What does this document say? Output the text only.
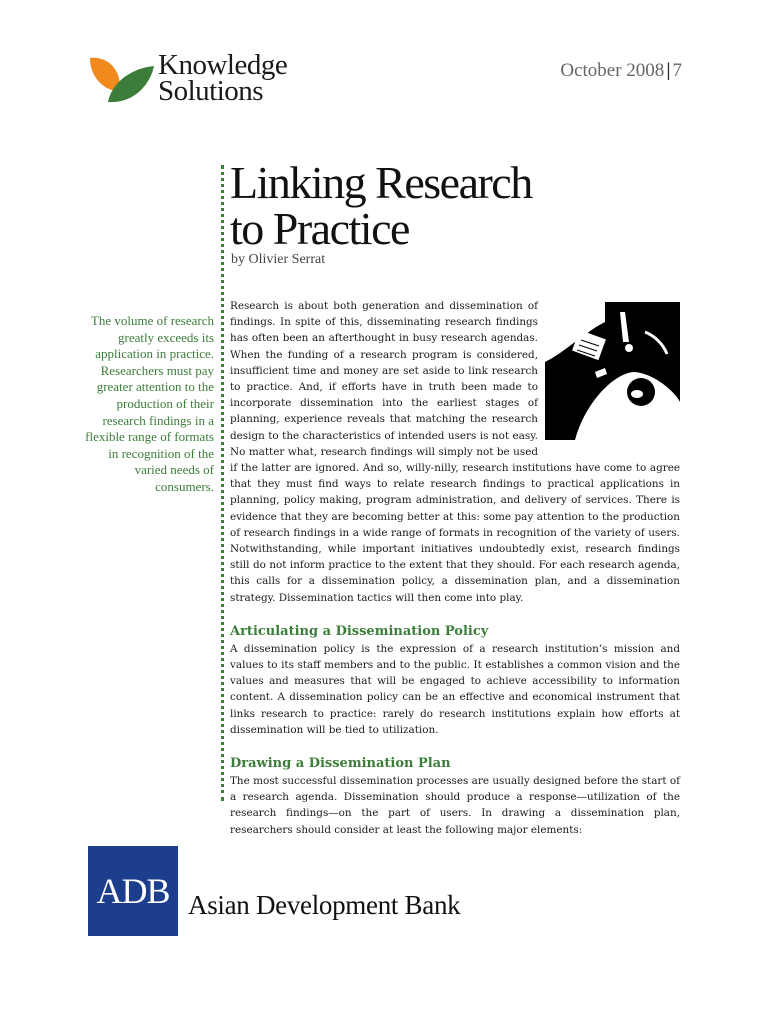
Knowledge
Solutions
October 2008 | 7
Linking Research
to Practice
by Olivier Serrat
The volume of research greatly exceeds its application in practice. Researchers must pay greater attention to the production of their research findings in a flexible range of formats in recognition of the varied needs of consumers.

Research is about both generation and dissemination of findings. In spite of this, disseminating research findings has often been an afterthought in busy research agendas. When the funding of a research program is considered, insufficient time and money are set aside to link research to practice. And, if efforts have in truth been made to incorporate dissemination into the earliest stages of planning, experience reveals that matching the research design to the characteristics of intended users is not easy. No matter what, research findings will simply not be used if the latter are ignored. And so, willy-nilly, research institutions have come to agree that they must find ways to relate research findings to practical applications in planning, policy making, program administration, and delivery of services. There is evidence that they are becoming better at this: some pay attention to the production of research findings in a wide range of formats in recognition of the variety of users. Notwithstanding, while important initiatives undoubtedly exist, research findings still do not inform practice to the extent that they should. For each research agenda, this calls for a dissemination policy, a dissemination plan, and a dissemination strategy. Dissemination tactics will then come into play.

Articulating a Dissemination Policy

A dissemination policy is the expression of a research institution’s mission and values to its staff members and to the public. It establishes a common vision and the values and measures that will be engaged to achieve accessibility to information content. A dissemination policy can be an effective and economical instrument that links research to practice: rarely do research institutions explain how efforts at dissemination will be tied to utilization.

Drawing a Dissemination Plan

The most successful dissemination processes are usually designed before the start of a research agenda. Dissemination should produce a response—utilization of the research findings—on the part of users. In drawing a dissemination plan, researchers should consider at least the following major elements:

ADB Asian Development Bank
